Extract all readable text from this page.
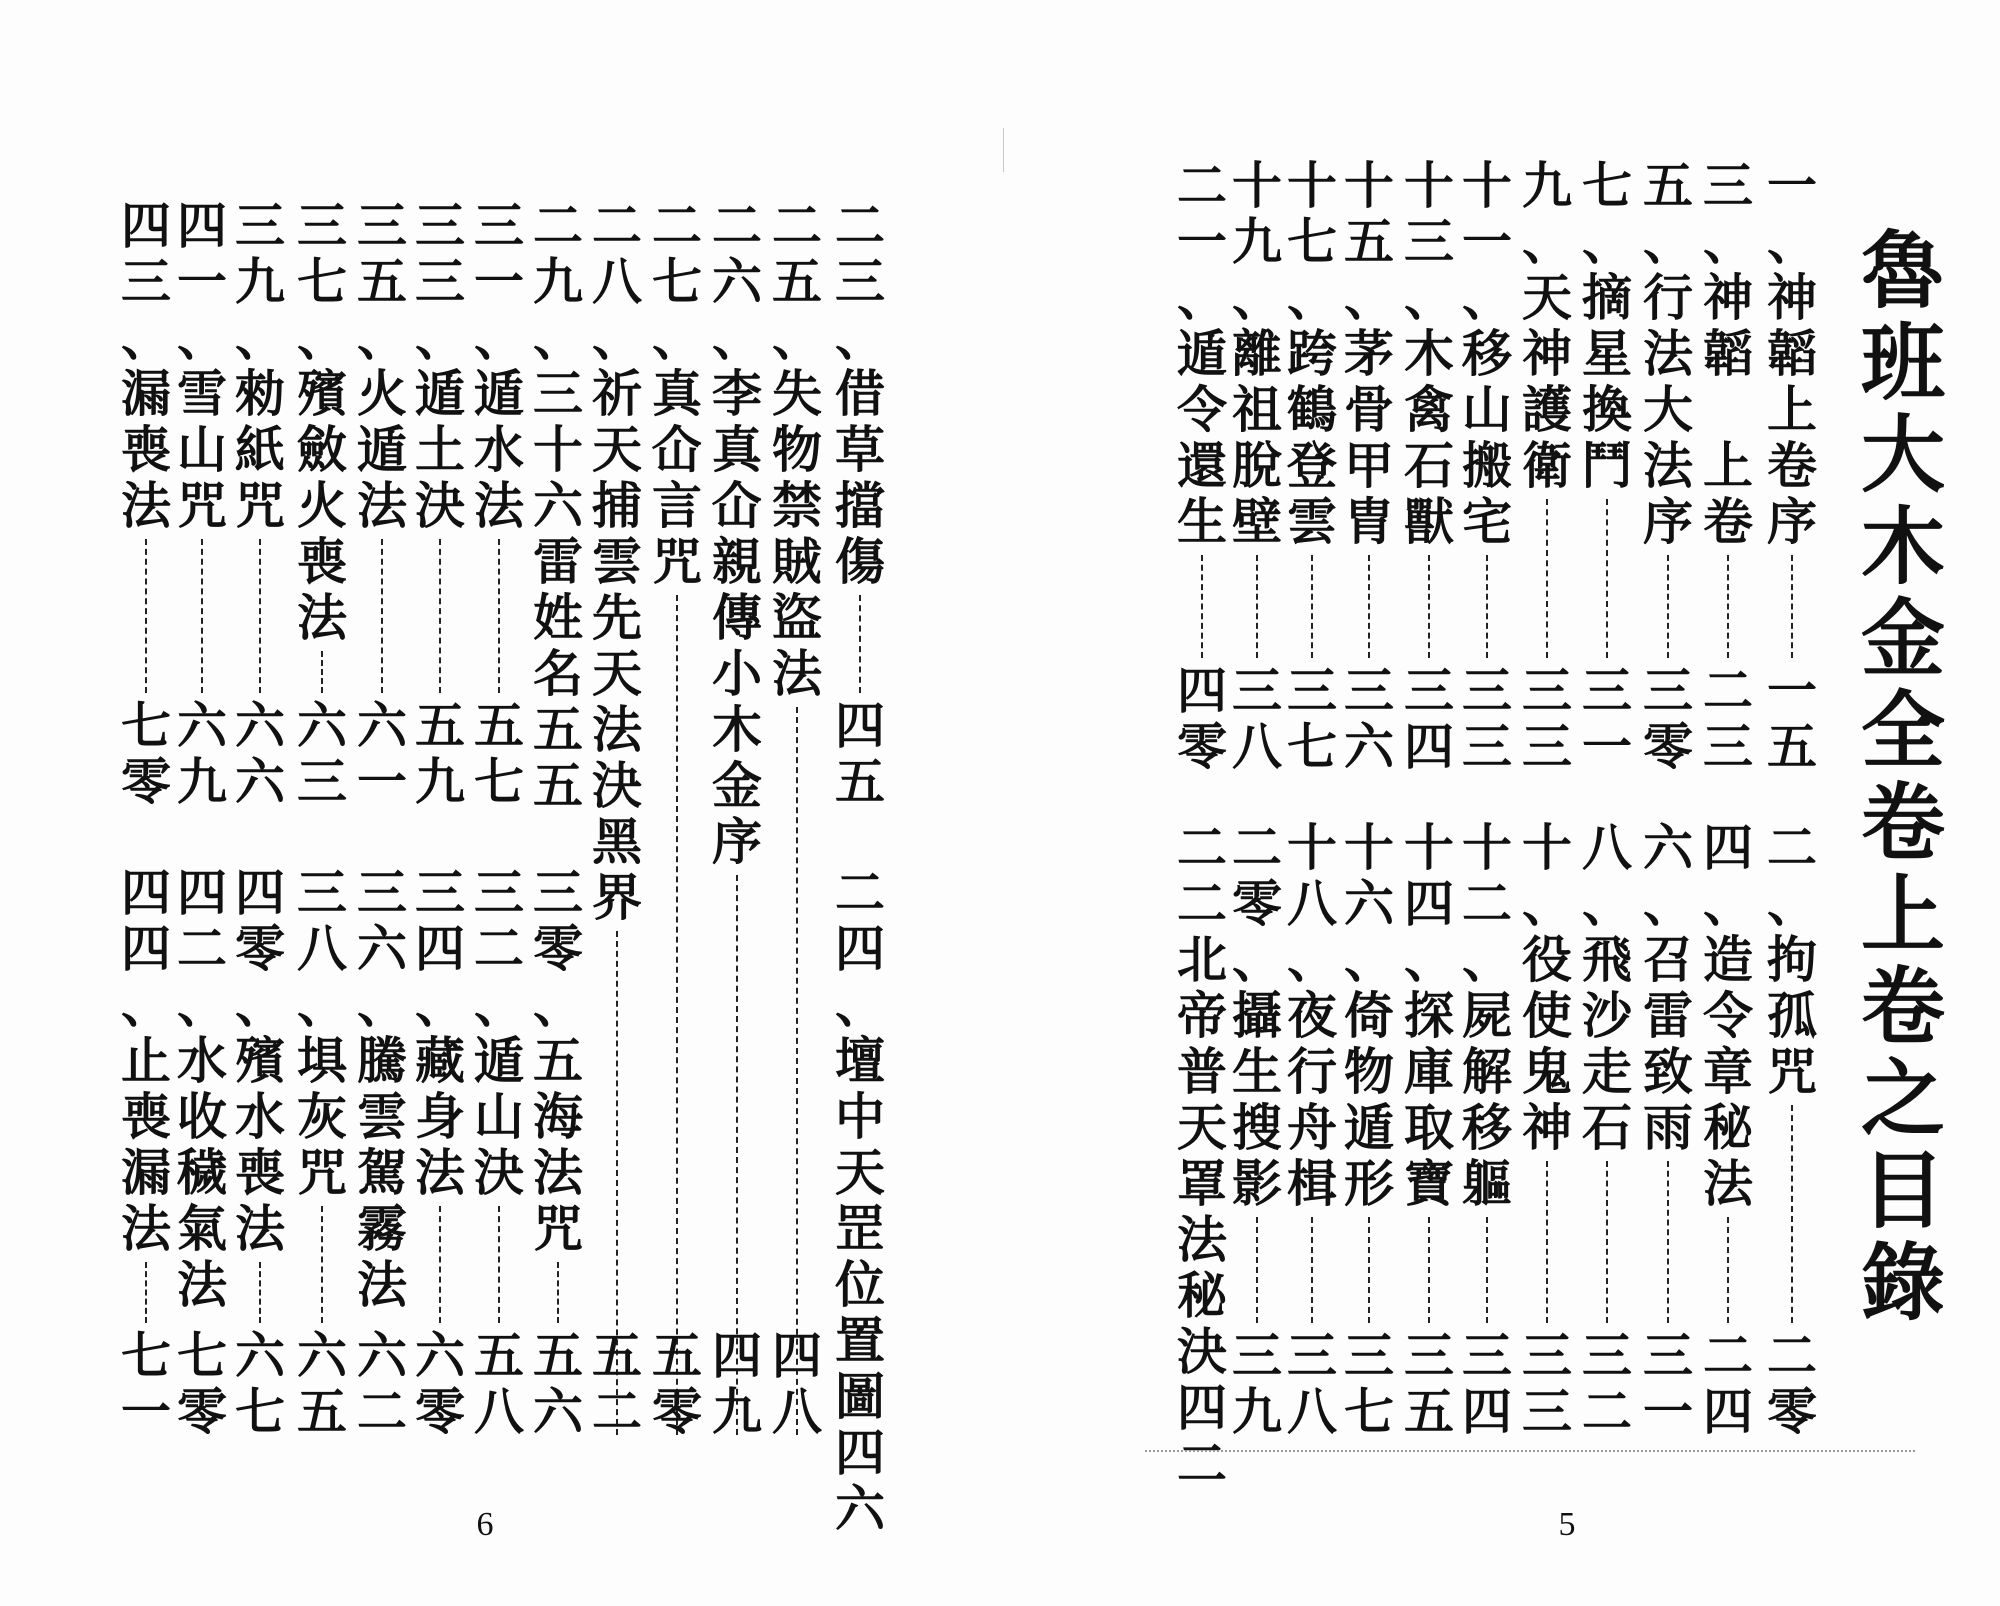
二
三
、
借
草
擋
傷
四
五
二
五
、
失
物
禁
賊
盜
法
二
六
、
李
真
仚
親
傳
小
木
金
序
二
七
、
真
仚
言
咒
二
八
、
祈
天
捕
雲
先
天
法
決
黑
界
二
九
、
三
十
六
雷
姓
名
五
五
三
一
、
遁
水
法
五
七
三
三
、
遁
土
決
五
九
三
五
、
火
遁
法
六
一
三
七
、
殯
斂
火
喪
法
六
三
三
九
、
勑
紙
咒
六
六
四
一
、
雪
山
咒
六
九
四
三
、
漏
喪
法
七
零
二
四
、
壇
中
天
罡
位
置
圖
四
六
四
八
四
九
五
零
五
二
三
零
、
五
海
法
咒
五
六
三
二
、
遁
山
決
五
八
三
四
、
藏
身
法
六
零
三
六
、
騰
雲
駕
霧
法
六
二
三
八
、
埧
灰
咒
六
五
四
零
、
殯
水
喪
法
六
七
四
二
、
水
收
穢
氣
法
七
零
四
四
、
止
喪
漏
法
七
一
6
魯
班
大
木
金
全
卷
上
卷
之
目
錄
一
、
神
韜
上
卷
序
一
五
三
、
神
韜
上
卷
二
三
五
、
行
法
大
法
序
三
零
七
、
摘
星
換
鬥
三
一
九
、
天
神
護
衛
三
三
十
一
、
移
山
搬
宅
三
三
十
三
、
木
禽
石
獸
三
四
十
五
、
茅
骨
甲
胄
三
六
十
七
、
跨
鶴
登
雲
三
七
十
九
、
離
祖
脫
壁
三
八
二
一
、
遁
令
還
生
四
零
二
、
拘
孤
咒
二
零
四
、
造
令
章
秘
法
二
四
六
、
召
雷
致
雨
三
一
八
、
飛
沙
走
石
三
二
十
、
役
使
鬼
神
三
三
十
二
、
屍
解
移
軀
三
四
十
四
、
探
庫
取
寶
三
五
十
六
、
倚
物
遁
形
三
七
十
八
、
夜
行
舟
楫
三
八
二
零
、
攝
生
搜
影
三
九
二
二
北
帝
普
天
罩
法
秘
決
四
二
5
